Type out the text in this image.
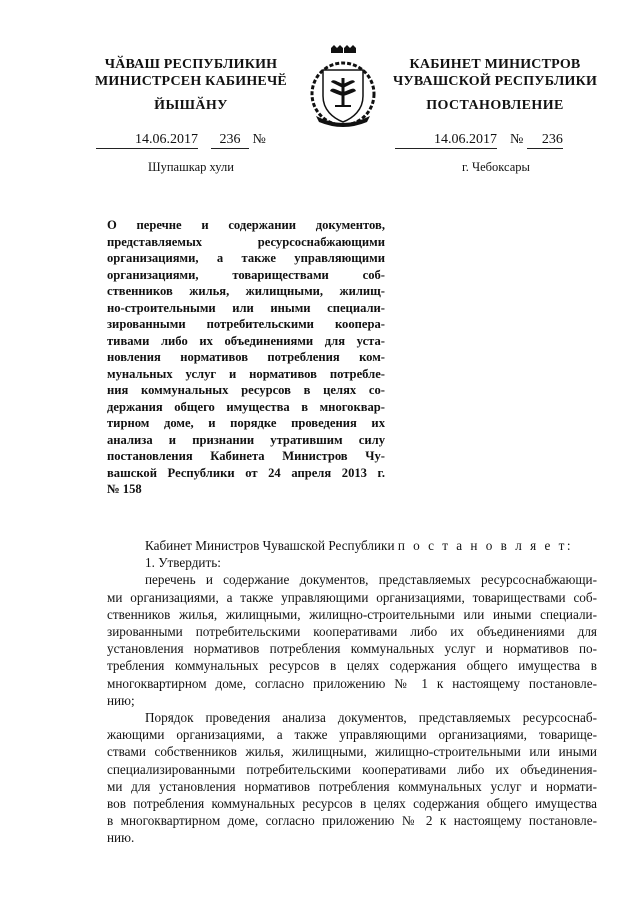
ЧӐВАШ РЕСПУБЛИКИН
МИНИСТРСЕН КАБИНЕЧӖ
ЙЫШӐНУ
КАБИНЕТ МИНИСТРОВ
ЧУВАШСКОЙ РЕСПУБЛИКИ
ПОСТАНОВЛЕНИЕ
14.06.2017 236 №	14.06.2017 № 236
Шупашкар хули	г. Чебоксары
О перечне и содержании документов,
представляемых ресурсоснабжающими
организациями, а также управляющими
организациями, товариществами соб-
ственников жилья, жилищными, жилищ-
но-строительными или иными специали-
зированными потребительскими коопера-
тивами либо их объединениями для уста-
новления нормативов потребления ком-
мунальных услуг и нормативов потребле-
ния коммунальных ресурсов в целях со-
держания общего имущества в многоквар-
тирном доме, и порядке проведения их
анализа и признании утратившим силу
постановления Кабинета Министров Чу-
вашской Республики от 24 апреля 2013 г.
№ 158
Кабинет Министров Чувашской Республики п о с т а н о в л я е т:
1. Утвердить:
перечень и содержание документов, представляемых ресурсоснабжающи-
ми организациями, а также управляющими организациями, товариществами соб-
ственников жилья, жилищными, жилищно-строительными или иными специали-
зированными потребительскими кооперативами либо их объединениями для
установления нормативов потребления коммунальных услуг и нормативов по-
требления коммунальных ресурсов в целях содержания общего имущества в
многоквартирном доме, согласно приложению № 1 к настоящему постановле-
нию;
Порядок проведения анализа документов, представляемых ресурсоснаб-
жающими организациями, а также управляющими организациями, товарище-
ствами собственников жилья, жилищными, жилищно-строительными или иными
специализированными потребительскими кооперативами либо их объединения-
ми для установления нормативов потребления коммунальных услуг и нормати-
вов потребления коммунальных ресурсов в целях содержания общего имущества
в многоквартирном доме, согласно приложению № 2 к настоящему постановле-
нию.
